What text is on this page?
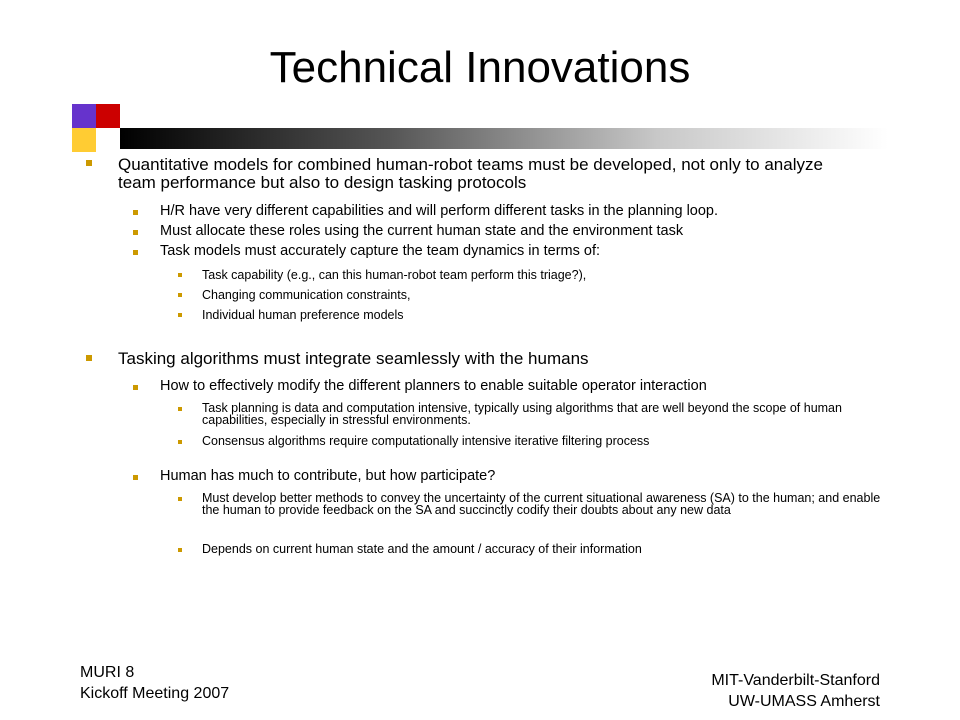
Technical Innovations
Quantitative models for combined human-robot teams must be developed, not only to analyze team performance but also to design tasking protocols
H/R have very different capabilities and will perform different tasks in the planning loop.
Must allocate these roles using the current human state and the environment task
Task models must accurately capture the team dynamics in terms of:
Task capability (e.g., can this human-robot team perform this triage?),
Changing communication constraints,
Individual human preference models
Tasking algorithms must integrate seamlessly with the humans
How to effectively modify the different planners to enable suitable operator interaction
Task planning is data and computation intensive, typically using algorithms that are well beyond the scope of human capabilities, especially in stressful environments.
Consensus algorithms require computationally intensive iterative filtering process
Human has much to contribute, but how participate?
Must develop better methods to convey the uncertainty of the current situational awareness (SA) to the human; and enable the human to provide feedback on the SA and succinctly codify their doubts about any new data
Depends on current human state and the amount / accuracy of their information
MURI 8
Kickoff Meeting 2007
MIT-Vanderbilt-Stanford
UW-UMASS Amherst
